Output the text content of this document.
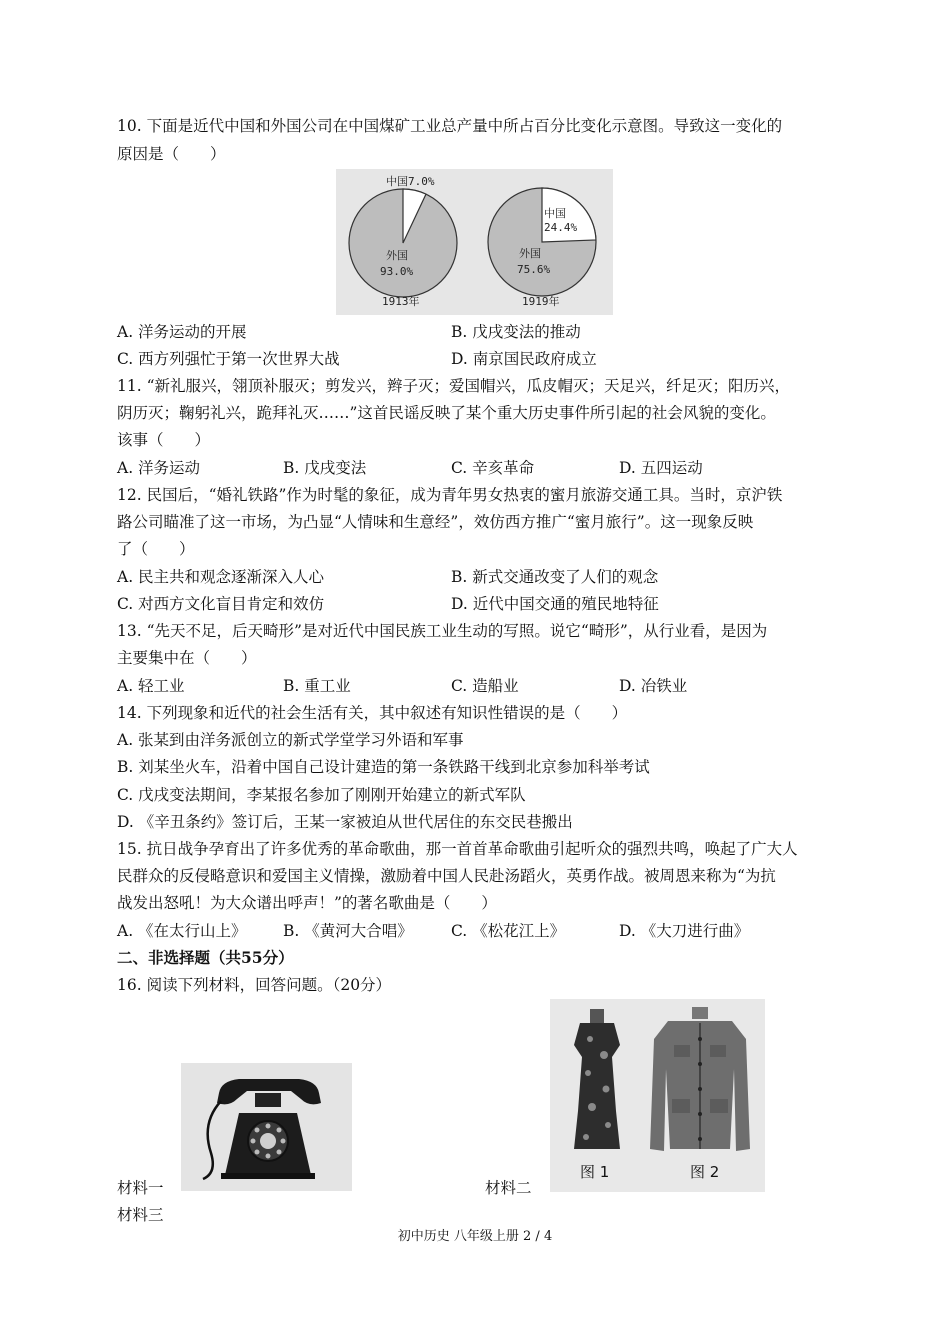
10. 下面是近代中国和外国公司在中国煤矿工业总产量中所占百分比变化示意图。导致这一变化的
原因是（　　）
中国7.0%
外国
93.0%
1913年
中国
24.4%
外国
75.6%
1919年
A. 洋务运动的开展	B. 戊戌变法的推动
C. 西方列强忙于第一次世界大战	D. 南京国民政府成立
11. “新礼服兴，翎顶补服灭；剪发兴，辫子灭；爱国帽兴，瓜皮帽灭；天足兴，纤足灭；阳历兴，
阴历灭；鞠躬礼兴，跪拜礼灭……”这首民谣反映了某个重大历史事件所引起的社会风貌的变化。
该事（　　）
A. 洋务运动	B. 戊戌变法	C. 辛亥革命	D. 五四运动
12. 民国后，“婚礼铁路”作为时髦的象征，成为青年男女热衷的蜜月旅游交通工具。当时，京沪铁
路公司瞄准了这一市场，为凸显“人情味和生意经”，效仿西方推广“蜜月旅行”。这一现象反映
了（　　）
A. 民主共和观念逐渐深入人心	B. 新式交通改变了人们的观念
C. 对西方文化盲目肯定和效仿	D. 近代中国交通的殖民地特征
13. “先天不足，后天畸形”是对近代中国民族工业生动的写照。说它“畸形”，从行业看，是因为
主要集中在（　　）
A. 轻工业	B. 重工业	C. 造船业	D. 冶铁业
14. 下列现象和近代的社会生活有关，其中叙述有知识性错误的是（　　）
A. 张某到由洋务派创立的新式学堂学习外语和军事
B. 刘某坐火车，沿着中国自己设计建造的第一条铁路干线到北京参加科举考试
C. 戊戌变法期间，李某报名参加了刚刚开始建立的新式军队
D. 《辛丑条约》签订后，王某一家被迫从世代居住的东交民巷搬出
15. 抗日战争孕育出了许多优秀的革命歌曲，那一首首革命歌曲引起听众的强烈共鸣，唤起了广大人
民群众的反侵略意识和爱国主义情操，激励着中国人民赴汤蹈火，英勇作战。被周恩来称为“为抗
战发出怒吼！为大众谱出呼声！”的著名歌曲是（　　）
A. 《在太行山上》 B. 《黄河大合唱》 C. 《松花江上》	D. 《大刀进行曲》
二、非选择题（共55分）
16. 阅读下列材料，回答问题。（20分）
材料一
图 1	图 2
材料二
材料三
初中历史 八年级上册 2 / 4
